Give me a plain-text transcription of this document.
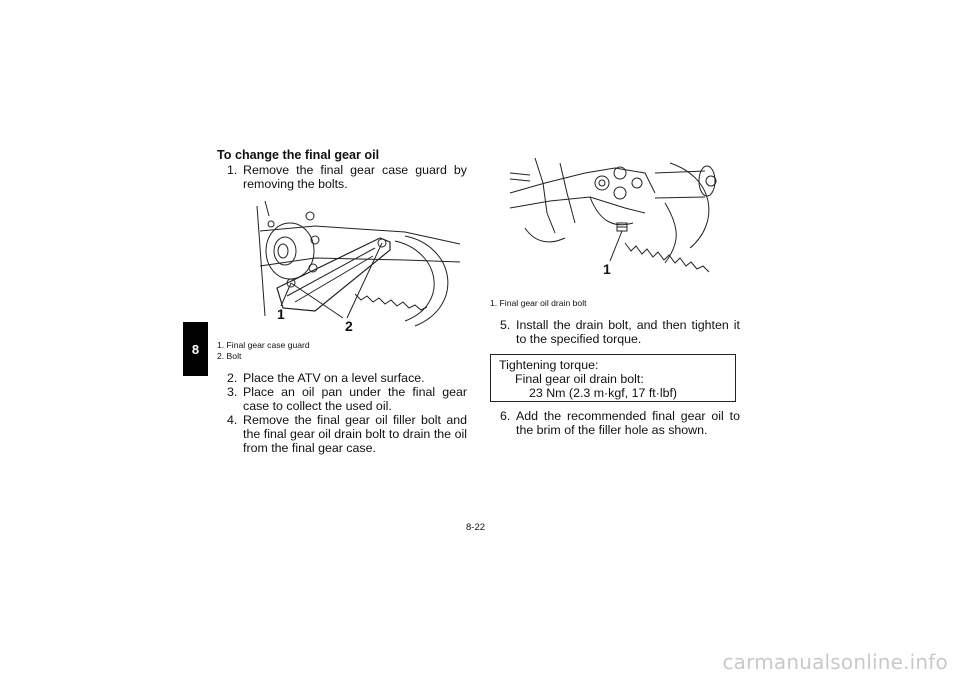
8
To change the final gear oil
1. Remove the final gear case guard by removing the bolts.
1
2
1. Final gear case guard
2. Bolt
2. Place the ATV on a level surface.
3. Place an oil pan under the final gear case to collect the used oil.
4. Remove the final gear oil filler bolt and the final gear oil drain bolt to drain the oil from the final gear case.
1
1. Final gear oil drain bolt
5. Install the drain bolt, and then tighten it to the specified torque.
Tightening torque:
Final gear oil drain bolt:
23 Nm (2.3 m·kgf, 17 ft·lbf)
6. Add the recommended final gear oil to the brim of the filler hole as shown.
8-22
carmanualsonline.info
